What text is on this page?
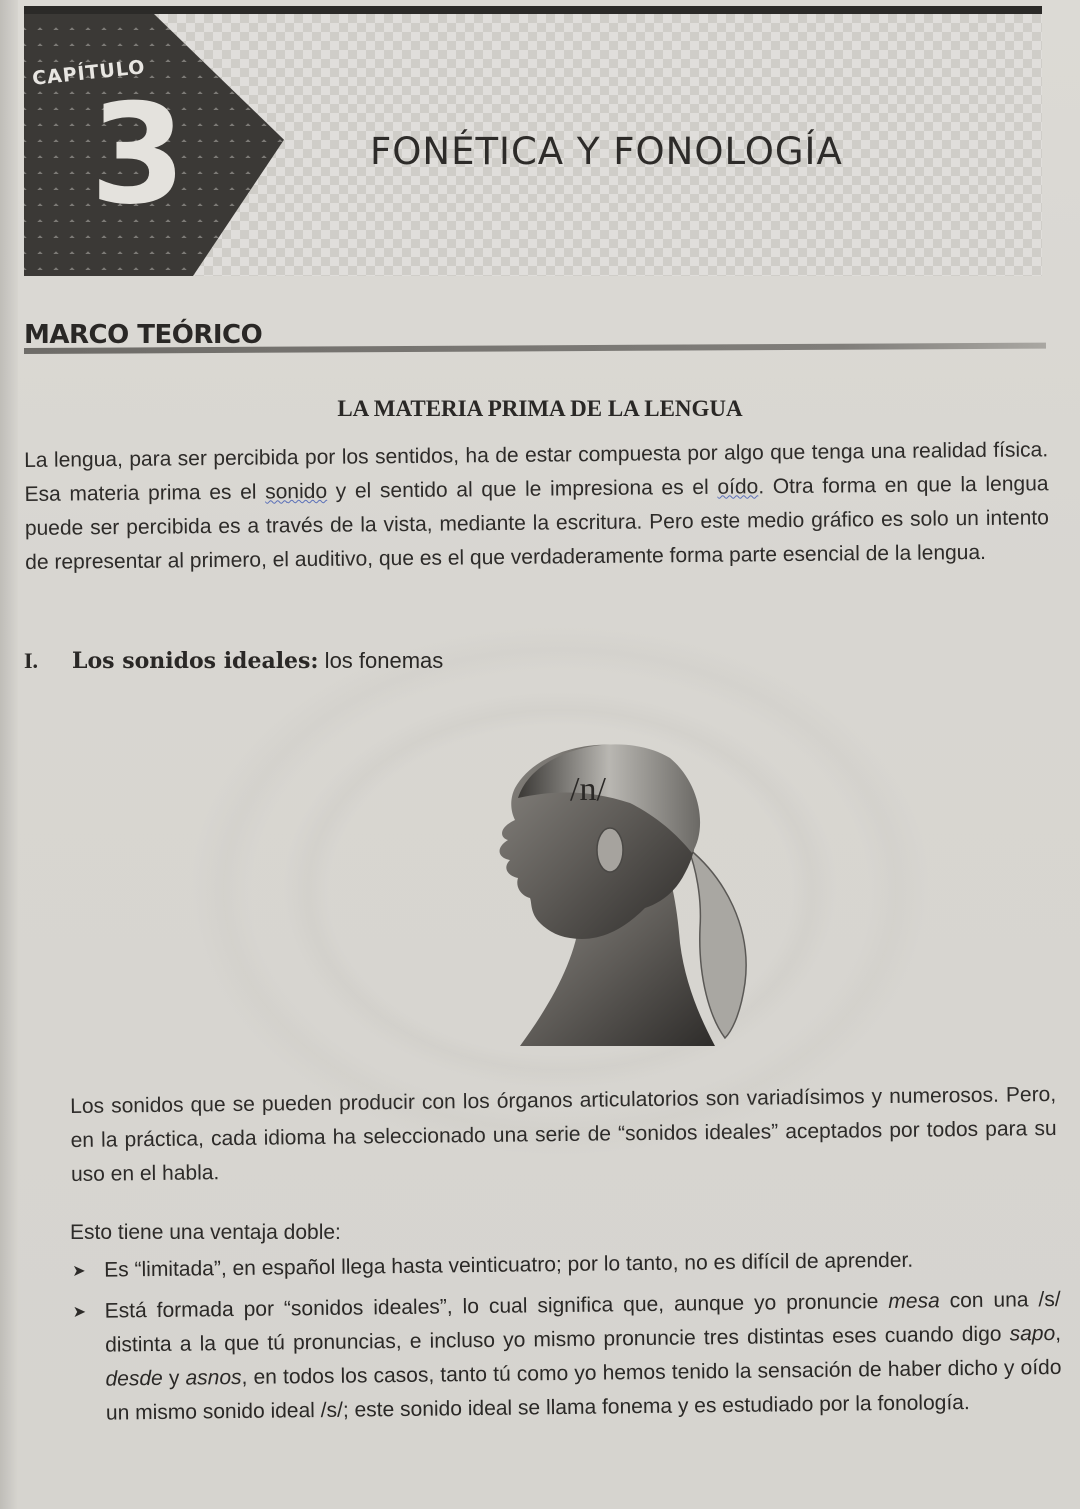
CAPÍTULO
3	FONÉTICA Y FONOLOGÍA
MARCO TEÓRICO
LA MATERIA PRIMA DE LA LENGUA
La lengua, para ser percibida por los sentidos, ha de estar compuesta por algo que tenga una realidad física. Esa materia prima es el sonido y el sentido al que le impresiona es el oído. Otra forma en que la lengua puede ser percibida es a través de la vista, mediante la escritura. Pero este medio gráfico es solo un intento de representar al primero, el auditivo, que es el que verdaderamente forma parte esencial de la lengua.
I. Los sonidos ideales: los fonemas
/n/
Los sonidos que se pueden producir con los órganos articulatorios son variadísimos y numerosos. Pero, en la práctica, cada idioma ha seleccionado una serie de “sonidos ideales” aceptados por todos para su uso en el habla.
Esto tiene una ventaja doble:
➤ Es “limitada”, en español llega hasta veinticuatro; por lo tanto, no es difícil de aprender.
➤ Está formada por “sonidos ideales”, lo cual significa que, aunque yo pronuncie mesa con una /s/ distinta a la que tú pronuncias, e incluso yo mismo pronuncie tres distintas eses cuando digo sapo, desde y asnos, en todos los casos, tanto tú como yo hemos tenido la sensación de haber dicho y oído un mismo sonido ideal /s/; este sonido ideal se llama fonema y es estudiado por la fonología.
